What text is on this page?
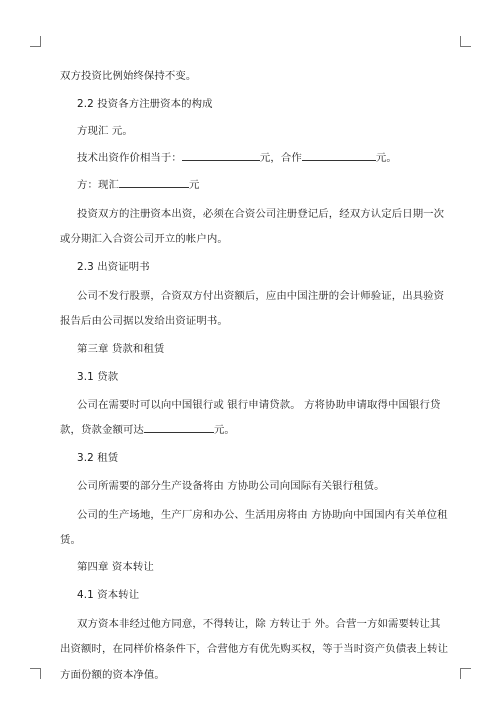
双方投资比例始终保持不变。

2.2 投资各方注册资本的构成

方现汇 元。

技术出资作价相当于：	元，合作	元。

方：现汇	元

投资双方的注册资本出资，必须在合资公司注册登记后，经双方认定后日期一次

或分期汇入合资公司开立的帐户内。

2.3 出资证明书

公司不发行股票，合资双方付出资额后，应由中国注册的会计师验证，出具验资

报告后由公司据以发给出资证明书。

第三章 贷款和租赁

3.1 贷款

公司在需要时可以向中国银行或 银行申请贷款。 方将协助申请取得中国银行贷

款，贷款金额可达	元。

3.2 租赁

公司所需要的部分生产设备将由 方协助公司向国际有关银行租赁。

公司的生产场地，生产厂房和办公、生活用房将由 方协助向中国国内有关单位租

赁。

第四章 资本转让

4.1 资本转让

双方资本非经过他方同意，不得转让，除 方转让于 外。合营一方如需要转让其

出资额时，在同样价格条件下，合营他方有优先购买权，等于当时资产负债表上转让

方面份额的资本净值。
